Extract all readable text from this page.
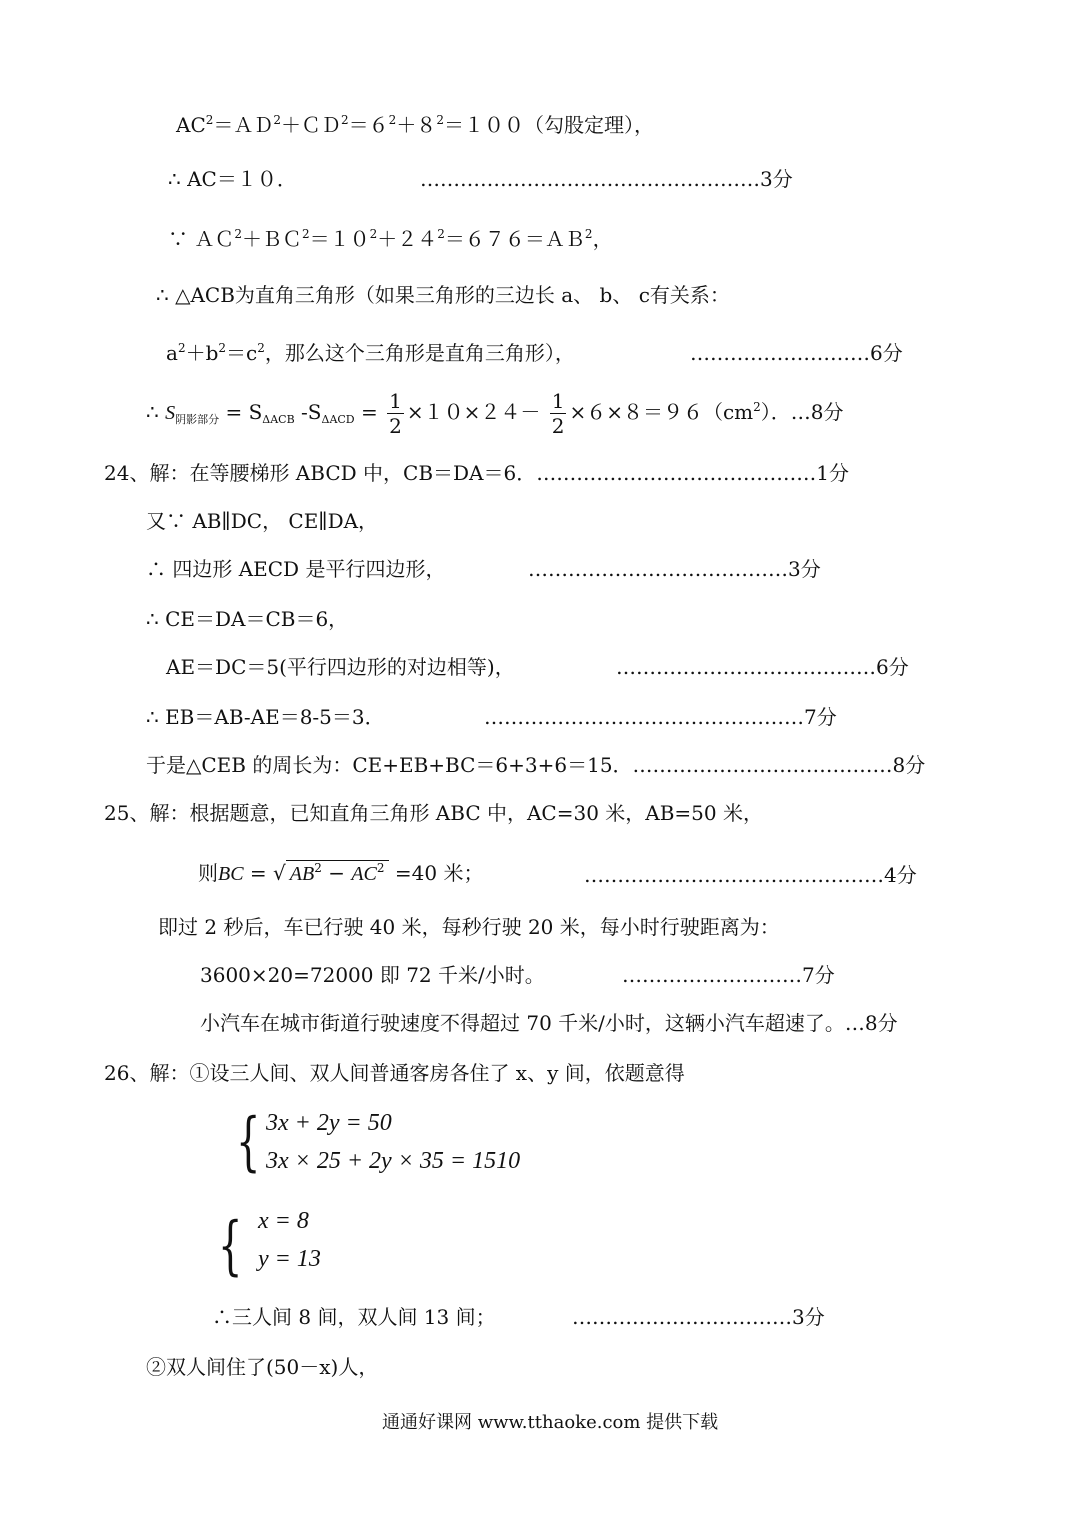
$AC^2=AD^2+CD^2=6^2+8^2=100$（勾股定理），
∴ AC＝１０．	……………………………………………3分
∵ $AC^2+BC^2=10^2+24^2=676=AB^2$，
∴ △ACB为直角三角形（如果三角形的三边长 a、 b、 c有关系：
$a^2+b^2=c^2$，那么这个三角形是直角三角形），	………………………6分
∴ $S_{阴影部分} = S_{\Delta ACB}$ $-S_{\Delta ACD} = \frac{1}{2} \times 10\times 24- \frac{1}{2} \times 6\times 8=96(cm^2)$．…8分
24、解：在等腰梯形 ABCD 中，CB＝DA＝6．……………………………………1分
又∵ AB∥DC， CE∥DA，
∴ 四边形 AECD 是平行四边形，	…………………………………3分
∴ CE＝DA＝CB＝6，
AE＝DC＝5(平行四边形的对边相等)，	…………………………………6分
∴ EB＝AB-AE＝8-5＝3．	…………………………………………7分
于是△CEB 的周长为：CE+EB+BC＝6+3+6＝15．…………………………………8分
25、解：根据题意，已知直角三角形 ABC 中，AC=30 米，AB=50 米，
则BC = √ $AB^2 - AC^2 =40$ 米；	………………………………………4分
即过 2 秒后，车已行驶 40 米，每秒行驶 20 米，每小时行驶距离为：
3600×20=72000 即 72 千米/小时。	………………………7分
小汽车在城市街道行驶速度不得超过 70 千米/小时，这辆小汽车超速了。…8分
26、解：①设三人间、双人间普通客房各住了 x、y 间，依题意得
{ 3x + 2y = 50
3x × 25 + 2y × 35 = 1510
{ x = 8
y = 13
∴三人间 8 间，双人间 13 间；	……………………………3分
②双人间住了(50－x)人，
通通好课网 www.tthaoke.com 提供下载
